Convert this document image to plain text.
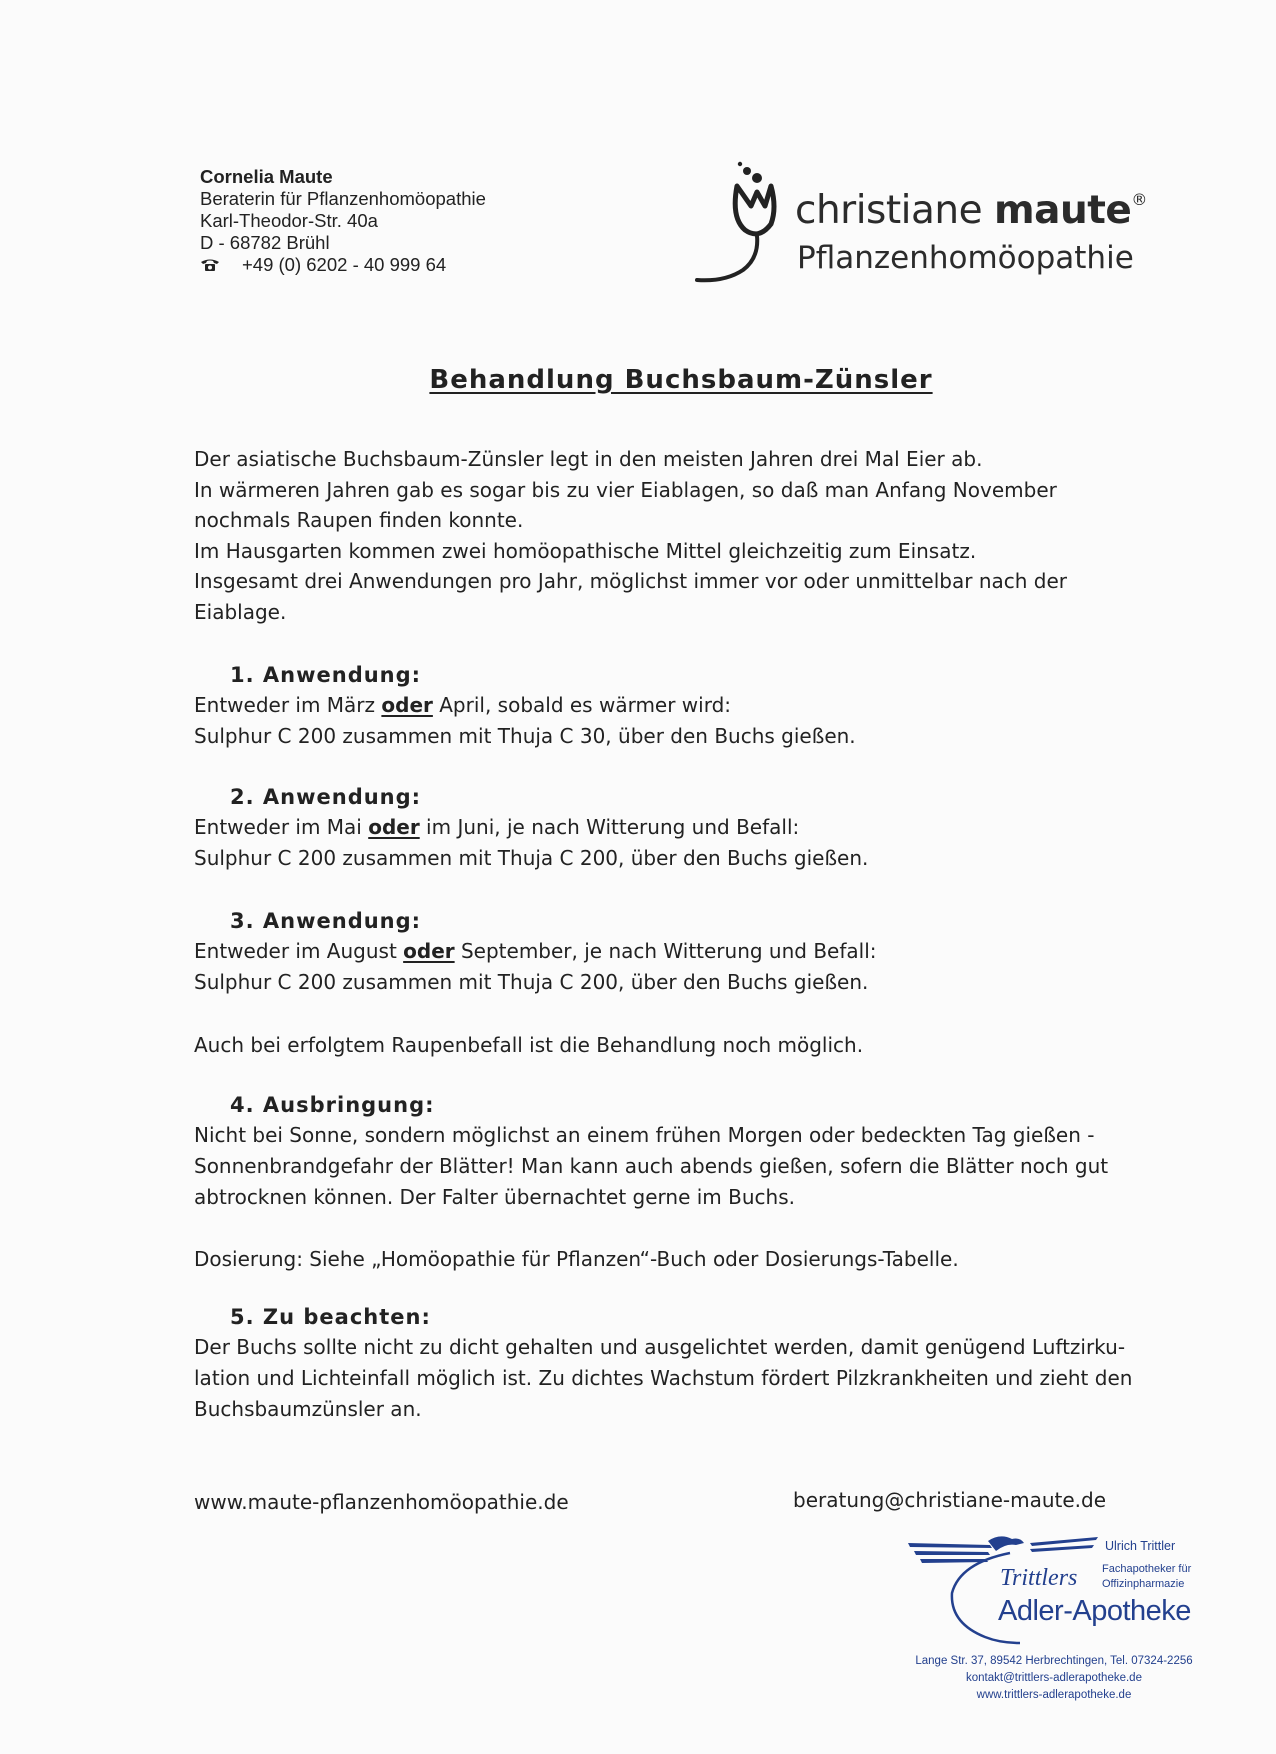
Cornelia Maute
Beraterin für Pflanzenhomöopathie
Karl-Theodor-Str. 40a
D - 68782 Brühl
+49 (0) 6202 - 40 999 64
christiane maute®
Pflanzenhomöopathie
Behandlung Buchsbaum-Zünsler

Der asiatische Buchsbaum-Zünsler legt in den meisten Jahren drei Mal Eier ab.

In wärmeren Jahren gab es sogar bis zu vier Eiablagen, so daß man Anfang November

nochmals Raupen finden konnte.

Im Hausgarten kommen zwei homöopathische Mittel gleichzeitig zum Einsatz.

Insgesamt drei Anwendungen pro Jahr, möglichst immer vor oder unmittelbar nach der

Eiablage.

1. Anwendung:

Entweder im März oder April, sobald es wärmer wird:

Sulphur C 200 zusammen mit Thuja C 30, über den Buchs gießen.

2. Anwendung:

Entweder im Mai oder im Juni, je nach Witterung und Befall:

Sulphur C 200 zusammen mit Thuja C 200, über den Buchs gießen.

3. Anwendung:

Entweder im August oder September, je nach Witterung und Befall:

Sulphur C 200 zusammen mit Thuja C 200, über den Buchs gießen.

Auch bei erfolgtem Raupenbefall ist die Behandlung noch möglich.
4. Ausbringung:

Nicht bei Sonne, sondern möglichst an einem frühen Morgen oder bedeckten Tag gießen -

Sonnenbrandgefahr der Blätter! Man kann auch abends gießen, sofern die Blätter noch gut

abtrocknen können. Der Falter übernachtet gerne im Buchs.

Dosierung: Siehe „Homöopathie für Pflanzen“-Buch oder Dosierungs-Tabelle.
5. Zu beachten:

Der Buchs sollte nicht zu dicht gehalten und ausgelichtet werden, damit genügend Luftzirku-

lation und Lichteinfall möglich ist. Zu dichtes Wachstum fördert Pilzkrankheiten und zieht den

Buchsbaumzünsler an.

www.maute-pflanzenhomöopathie.de	beratung@christiane-maute.de
Ulrich Trittler
Fachapotheker für
Offizinpharmazie
Trittlers
Adler-Apotheke
Lange Str. 37, 89542 Herbrechtingen, Tel. 07324-2256
kontakt@trittlers-adlerapotheke.de
www.trittlers-adlerapotheke.de
